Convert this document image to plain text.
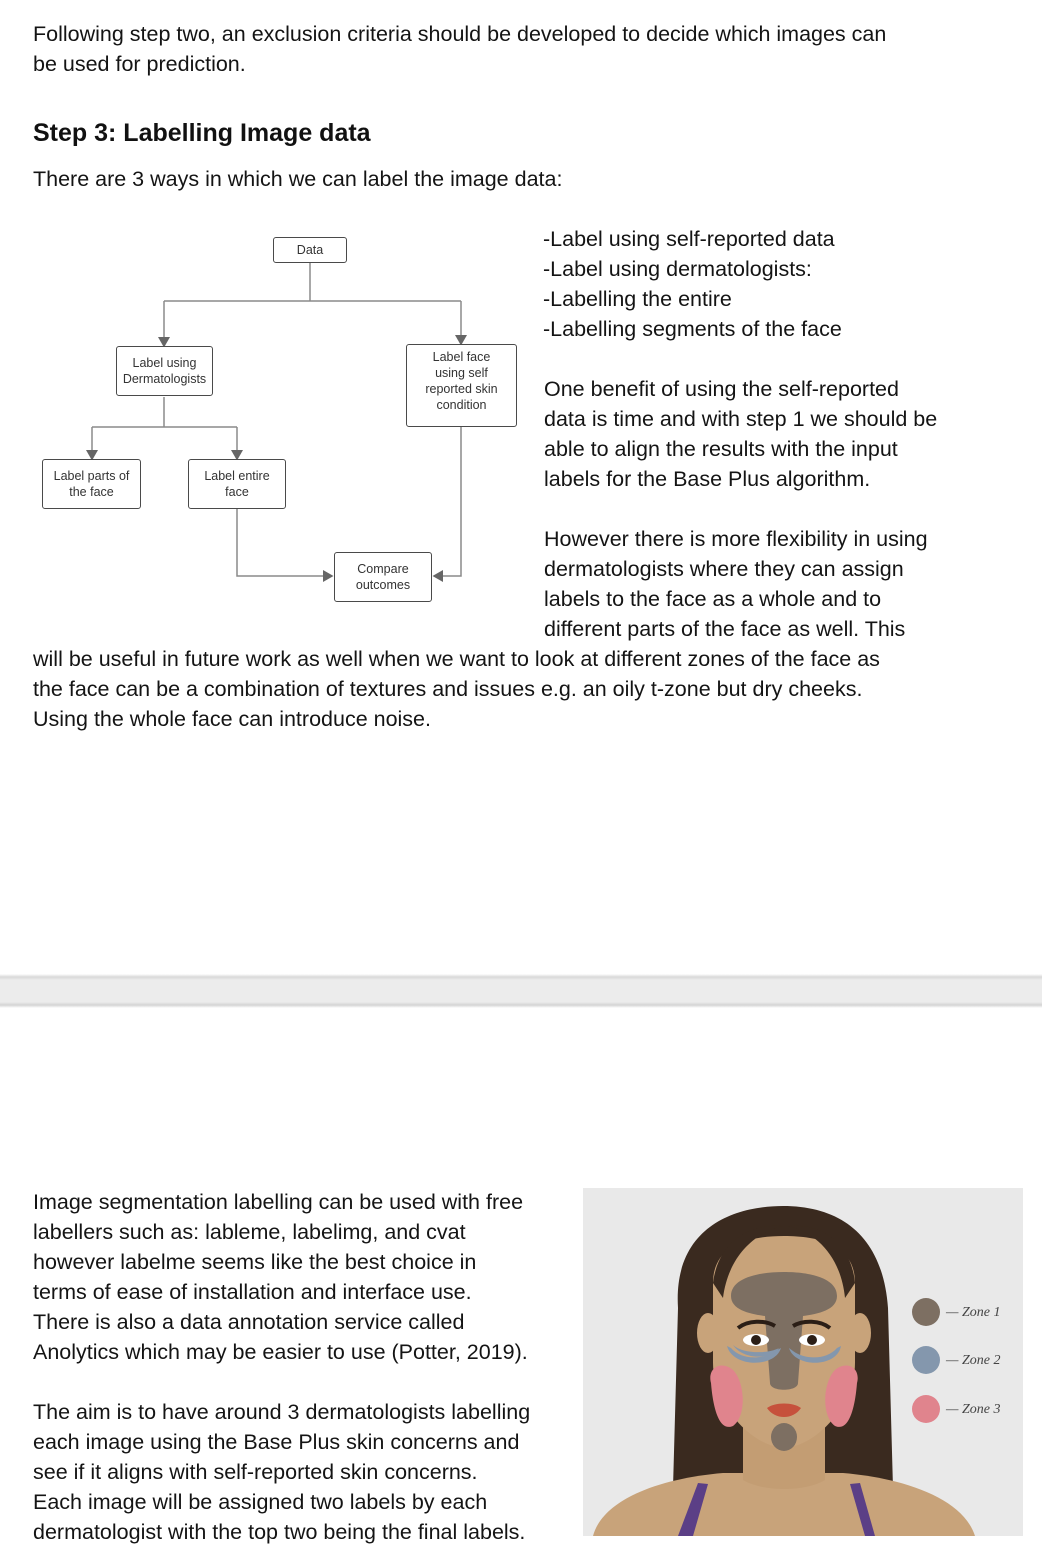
Following step two, an exclusion criteria should be developed to decide which images can
be used for prediction.
Step 3: Labelling Image data
There are 3 ways in which we can label the image data:
Data
Label using
Dermatologists
Label face
using self
reported skin
condition
Label parts of
the face
Label entire
face
Compare
outcomes
-Label using self-reported data
-Label using dermatologists:
-Labelling the entire
-Labelling segments of the face
One benefit of using the self-reported
data is time and with step 1 we should be
able to align the results with the input
labels for the Base Plus algorithm.
However there is more flexibility in using
dermatologists where they can assign
labels to the face as a whole and to
different parts of the face as well. This
will be useful in future work as well when we want to look at different zones of the face as
the face can be a combination of textures and issues e.g. an oily t-zone but dry cheeks.
Using the whole face can introduce noise.
Image segmentation labelling can be used with free
labellers such as: lableme, labelimg, and cvat
however labelme seems like the best choice in
terms of ease of installation and interface use.
There is also a data annotation service called
Anolytics which may be easier to use (Potter, 2019).
The aim is to have around 3 dermatologists labelling
each image using the Base Plus skin concerns and
see if it aligns with self-reported skin concerns.
Each image will be assigned two labels by each
dermatologist with the top two being the final labels.
— Zone 1
— Zone 2
— Zone 3
